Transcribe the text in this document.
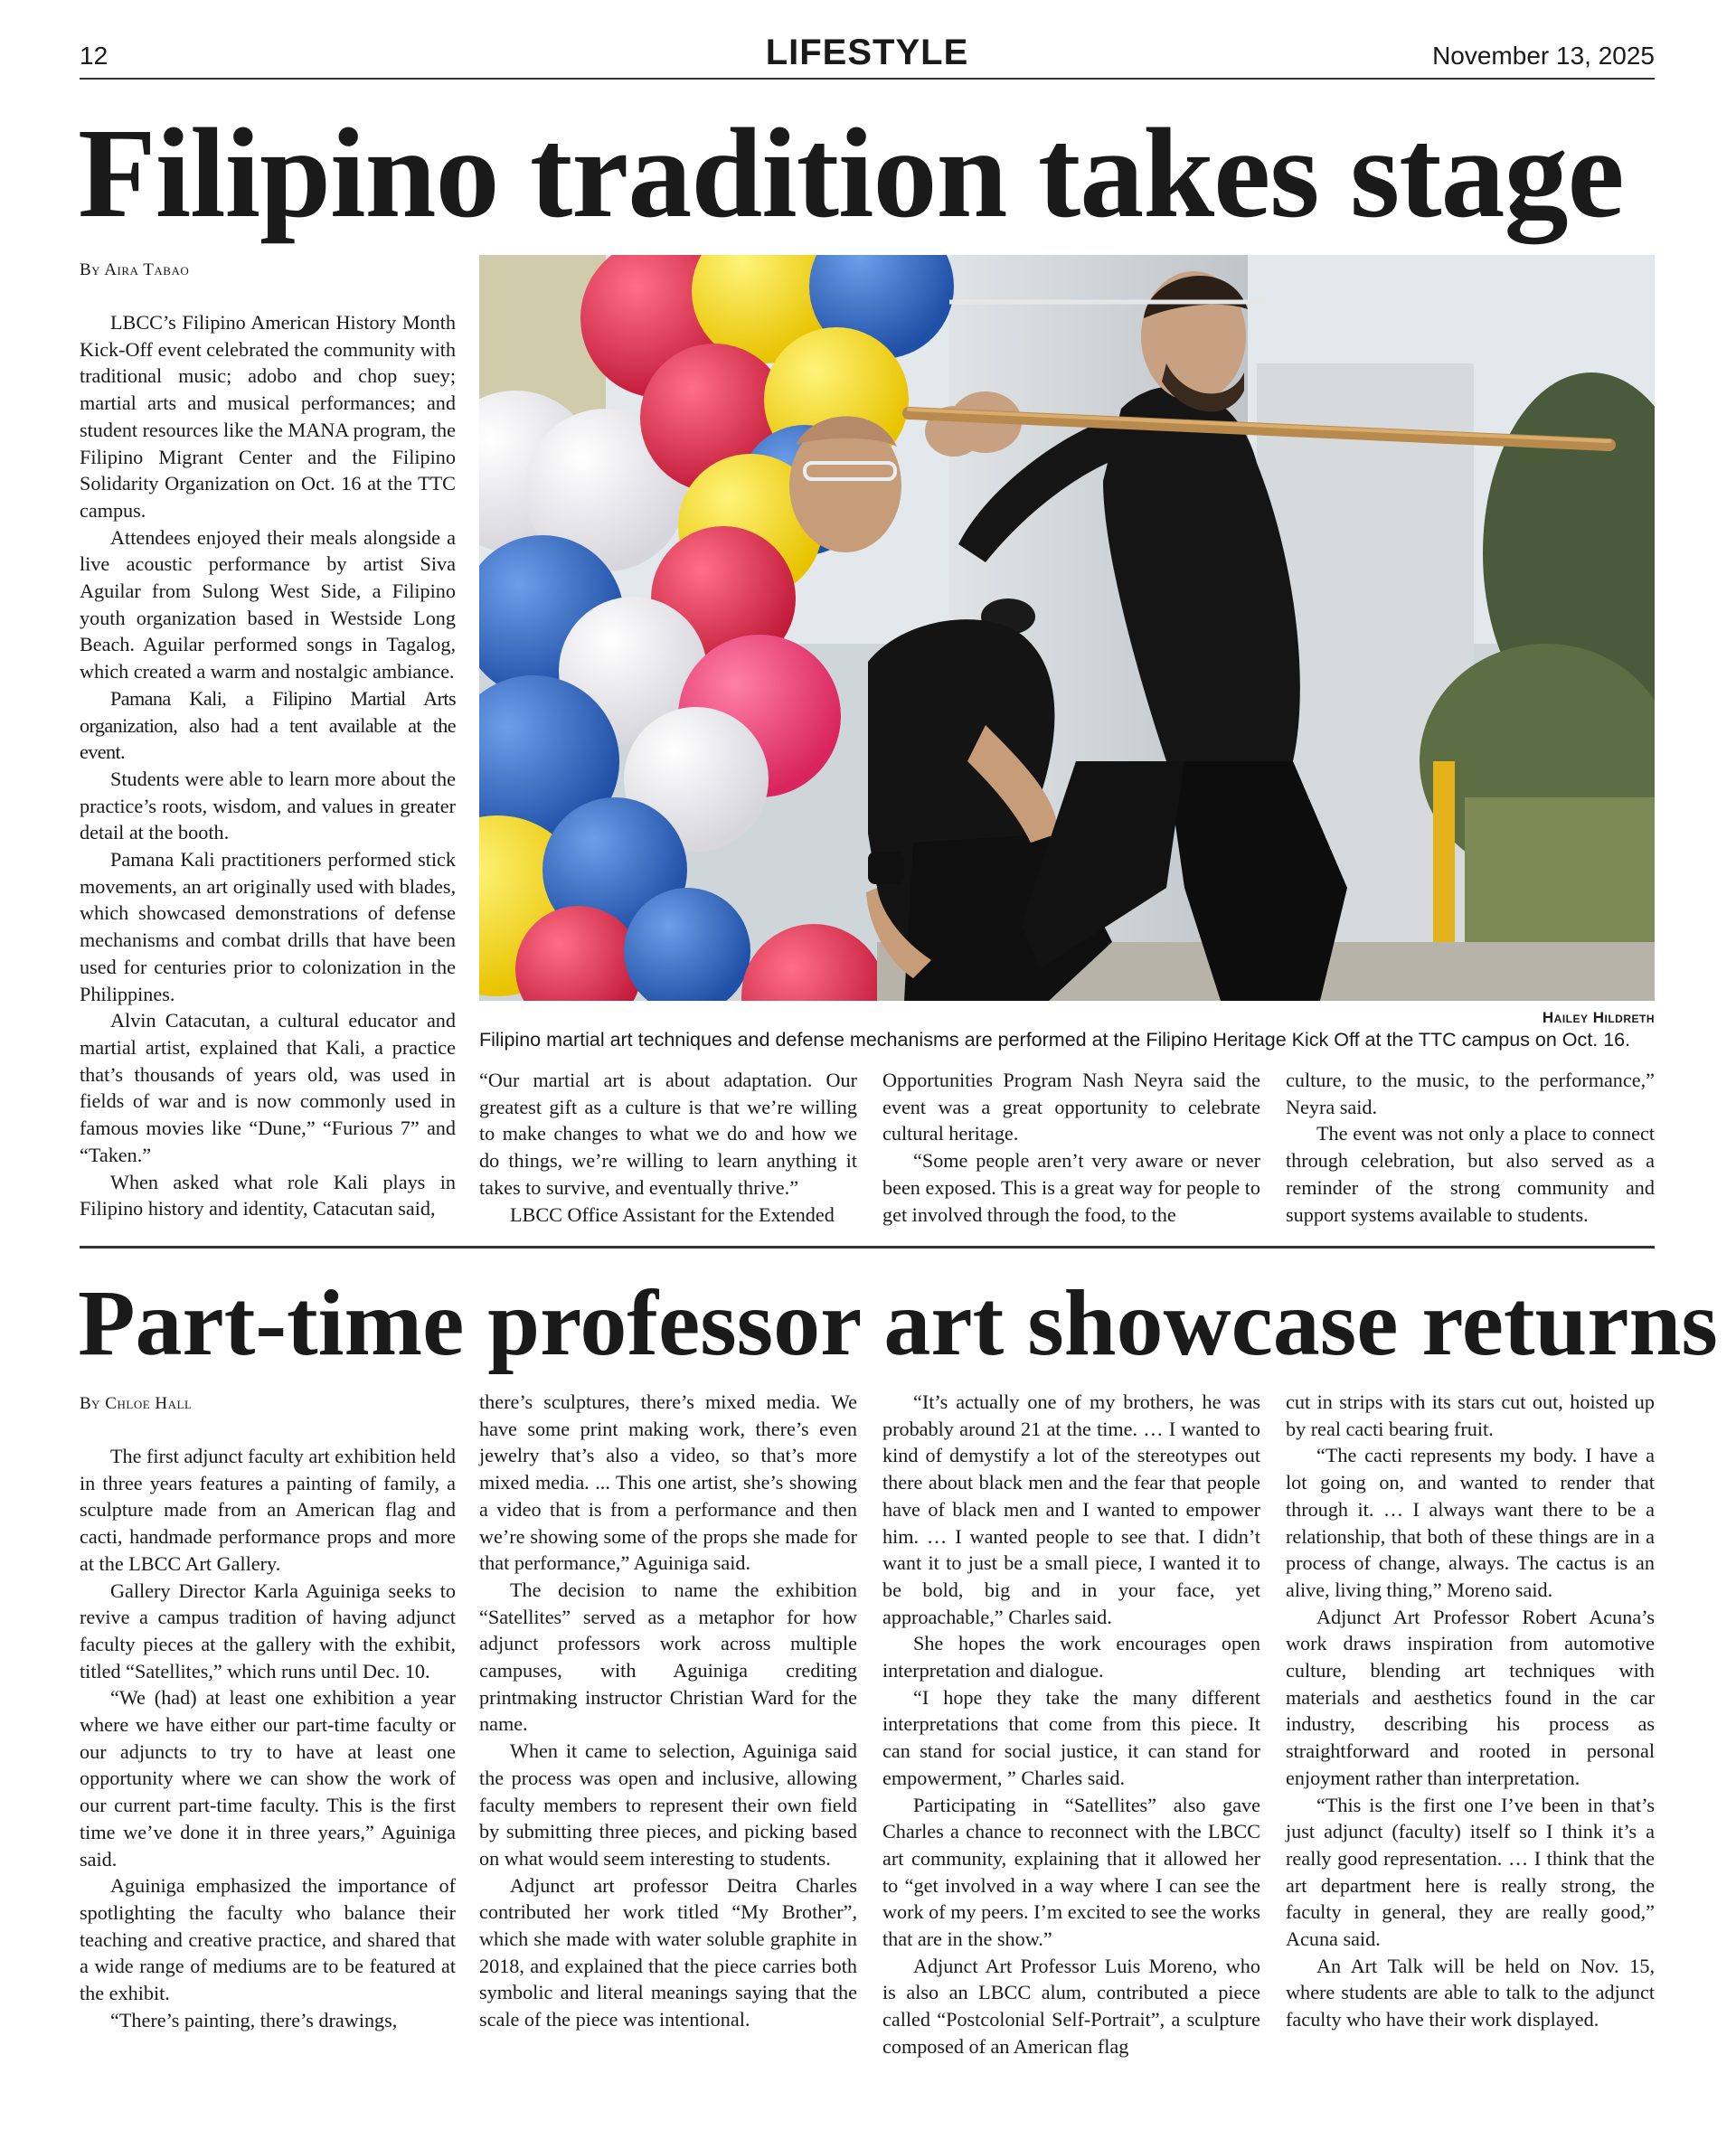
12	LIFESTYLE	November 13, 2025
Filipino tradition takes stage
By Aira Tabao

LBCC’s Filipino American History Month Kick-Off event celebrated the community with traditional music; adobo and chop suey; martial arts and musical performances; and student resources like the MANA program, the Filipino Migrant Center and the Filipino Solidarity Organization on Oct. 16 at the TTC campus.

Attendees enjoyed their meals alongside a live acoustic performance by artist Siva Aguilar from Sulong West Side, a Filipino youth organization based in Westside Long Beach. Aguilar performed songs in Tagalog, which created a warm and nostalgic ambiance.

Pamana Kali, a Filipino Martial Arts organization, also had a tent available at the event.

Students were able to learn more about the practice’s roots, wisdom, and values in greater detail at the booth.

Pamana Kali practitioners performed stick movements, an art originally used with blades, which showcased demonstrations of defense mechanisms and combat drills that have been used for centuries prior to colonization in the Philippines.

Alvin Catacutan, a cultural educator and martial artist, explained that Kali, a practice that’s thousands of years old, was used in fields of war and is now commonly used in famous movies like “Dune,” “Furious 7” and “Taken.”

When asked what role Kali plays in Filipino history and identity, Catacutan said,

Hailey Hildreth
Filipino martial art techniques and defense mechanisms are performed at the Filipino Heritage Kick Off at the TTC campus on Oct. 16.

“Our martial art is about adaptation. Our greatest gift as a culture is that we’re willing to make changes to what we do and how we do things, we’re willing to learn anything it takes to survive, and eventually thrive.”

LBCC Office Assistant for the Extended

Opportunities Program Nash Neyra said the event was a great opportunity to celebrate cultural heritage.

“Some people aren’t very aware or never been exposed. This is a great way for people to get involved through the food, to the

culture, to the music, to the performance,” Neyra said.

The event was not only a place to connect through celebration, but also served as a reminder of the strong community and support systems available to students.

Part-time professor art showcase returns
By Chloe Hall

The first adjunct faculty art exhibition held in three years features a painting of family, a sculpture made from an American flag and cacti, handmade performance props and more at the LBCC Art Gallery.

Gallery Director Karla Aguiniga seeks to revive a campus tradition of having adjunct faculty pieces at the gallery with the exhibit, titled “Satellites,” which runs until Dec. 10.

“We (had) at least one exhibition a year where we have either our part-time faculty or our adjuncts to try to have at least one opportunity where we can show the work of our current part-time faculty. This is the first time we’ve done it in three years,” Aguiniga said.

Aguiniga emphasized the importance of spotlighting the faculty who balance their teaching and creative practice, and shared that a wide range of mediums are to be featured at the exhibit.

“There’s painting, there’s drawings,

there’s sculptures, there’s mixed media. We have some print making work, there’s even jewelry that’s also a video, so that’s more mixed media. ... This one artist, she’s showing a video that is from a performance and then we’re showing some of the props she made for that performance,” Aguiniga said.

The decision to name the exhibition “Satellites” served as a metaphor for how adjunct professors work across multiple campuses, with Aguiniga crediting printmaking instructor Christian Ward for the name.

When it came to selection, Aguiniga said the process was open and inclusive, allowing faculty members to represent their own field by submitting three pieces, and picking based on what would seem interesting to students.

Adjunct art professor Deitra Charles contributed her work titled “My Brother”, which she made with water soluble graphite in 2018, and explained that the piece carries both symbolic and literal meanings saying that the scale of the piece was intentional.

“It’s actually one of my brothers, he was probably around 21 at the time. … I wanted to kind of demystify a lot of the stereotypes out there about black men and the fear that people have of black men and I wanted to empower him. … I wanted people to see that. I didn’t want it to just be a small piece, I wanted it to be bold, big and in your face, yet approachable,” Charles said.

She hopes the work encourages open interpretation and dialogue.

“I hope they take the many different interpretations that come from this piece. It can stand for social justice, it can stand for empowerment, ” Charles said.

Participating in “Satellites” also gave Charles a chance to reconnect with the LBCC art community, explaining that it allowed her to “get involved in a way where I can see the work of my peers. I’m excited to see the works that are in the show.”

Adjunct Art Professor Luis Moreno, who is also an LBCC alum, contributed a piece called “Postcolonial Self-Portrait”, a sculpture composed of an American flag

cut in strips with its stars cut out, hoisted up by real cacti bearing fruit.

“The cacti represents my body. I have a lot going on, and wanted to render that through it. … I always want there to be a relationship, that both of these things are in a process of change, always. The cactus is an alive, living thing,” Moreno said.

Adjunct Art Professor Robert Acuna’s work draws inspiration from automotive culture, blending art techniques with materials and aesthetics found in the car industry, describing his process as straightforward and rooted in personal enjoyment rather than interpretation.

“This is the first one I’ve been in that’s just adjunct (faculty) itself so I think it’s a really good representation. … I think that the art department here is really strong, the faculty in general, they are really good,” Acuna said.

An Art Talk will be held on Nov. 15, where students are able to talk to the adjunct faculty who have their work displayed.
